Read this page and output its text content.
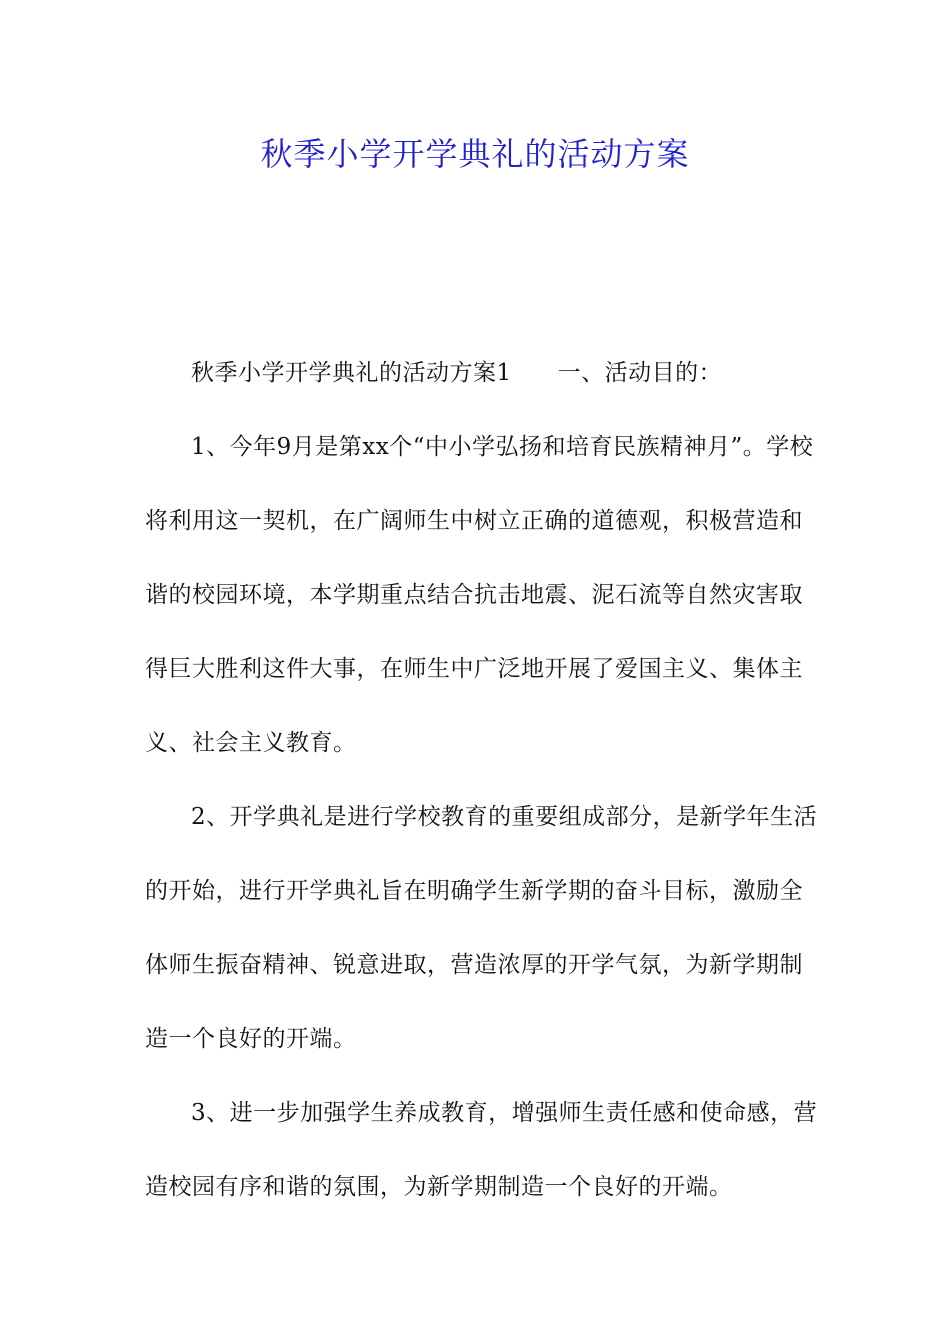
秋季小学开学典礼的活动方案

秋季小学开学典礼的活动方案1 一、活动目的：

1、今年9月是第xx个“中小学弘扬和培育民族精神月”。学校将利用这一契机，在广阔师生中树立正确的道德观，积极营造和谐的校园环境，本学期重点结合抗击地震、泥石流等自然灾害取得巨大胜利这件大事，在师生中广泛地开展了爱国主义、集体主义、社会主义教育。

2、开学典礼是进行学校教育的重要组成部分，是新学年生活的开始，进行开学典礼旨在明确学生新学期的奋斗目标，激励全体师生振奋精神、锐意进取，营造浓厚的开学气氛，为新学期制造一个良好的开端。

3、进一步加强学生养成教育，增强师生责任感和使命感，营造校园有序和谐的氛围，为新学期制造一个良好的开端。
